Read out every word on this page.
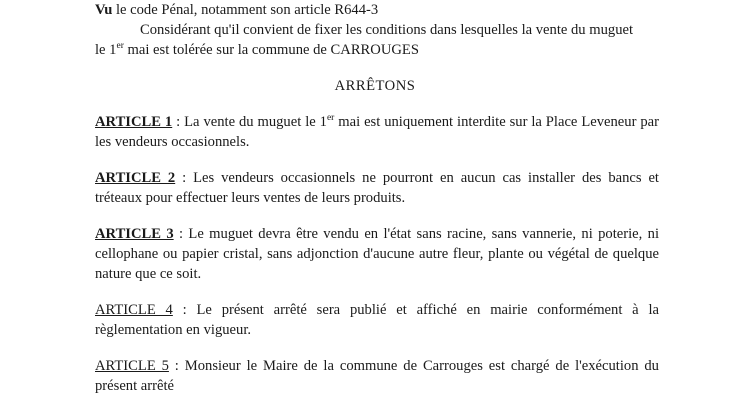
Vu le code Pénal, notamment son article R644-3
Considérant qu'il convient de fixer les conditions dans lesquelles la vente du muguet
le 1er mai est tolérée sur la commune de CARROUGES
ARRÊTONS
ARTICLE 1 : La vente du muguet le 1er mai est uniquement interdite sur la Place Leveneur par les vendeurs occasionnels.
ARTICLE 2 : Les vendeurs occasionnels ne pourront en aucun cas installer des bancs et tréteaux pour effectuer leurs ventes de leurs produits.
ARTICLE 3 : Le muguet devra être vendu en l'état sans racine, sans vannerie, ni poterie, ni cellophane ou papier cristal, sans adjonction d'aucune autre fleur, plante ou végétal de quelque nature que ce soit.
ARTICLE 4 : Le présent arrêté sera publié et affiché en mairie conformément à la règlementation en vigueur.
ARTICLE 5 : Monsieur le Maire de la commune de Carrouges est chargé de l'exécution du présent arrêté
